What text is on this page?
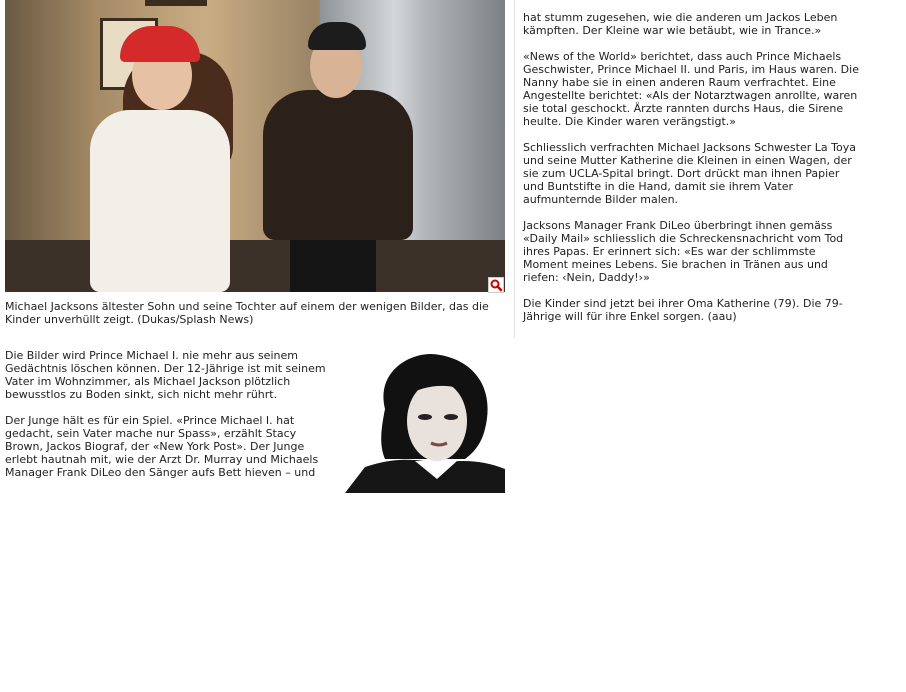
Michael Jacksons ältester Sohn und seine Tochter auf einem der wenigen Bilder, das die Kinder unverhüllt zeigt. (Dukas/Splash News)

Die Bilder wird Prince Michael I. nie mehr aus seinem Gedächtnis löschen können. Der 12-Jährige ist mit seinem Vater im Wohnzimmer, als Michael Jackson plötzlich bewusstlos zu Boden sinkt, sich nicht mehr rührt.

Der Junge hält es für ein Spiel. «Prince Michael I. hat gedacht, sein Vater mache nur Spass», erzählt Stacy Brown, Jackos Biograf, der «New York Post». Der Junge erlebt hautnah mit, wie der Arzt Dr. Murray und Michaels Manager Frank DiLeo den Sänger aufs Bett hieven – und

hat stumm zugesehen, wie die anderen um Jackos Leben kämpften. Der Kleine war wie betäubt, wie in Trance.»

«News of the World» berichtet, dass auch Prince Michaels Geschwister, Prince Michael II. und Paris, im Haus waren. Die Nanny habe sie in einen anderen Raum verfrachtet. Eine Angestellte berichtet: «Als der Notarztwagen anrollte, waren sie total geschockt. Ärzte rannten durchs Haus, die Sirene heulte. Die Kinder waren verängstigt.»

Schliesslich verfrachten Michael Jacksons Schwester La Toya und seine Mutter Katherine die Kleinen in einen Wagen, der sie zum UCLA-Spital bringt. Dort drückt man ihnen Papier und Buntstifte in die Hand, damit sie ihrem Vater aufmunternde Bilder malen.

Jacksons Manager Frank DiLeo überbringt ihnen gemäss «Daily Mail» schliesslich die Schreckensnachricht vom Tod ihres Papas. Er erinnert sich: «Es war der schlimmste Moment meines Lebens. Sie brachen in Tränen aus und riefen: ‹Nein, Daddy!›»

Die Kinder sind jetzt bei ihrer Oma Katherine (79). Die 79-Jährige will für ihre Enkel sorgen. (aau)
